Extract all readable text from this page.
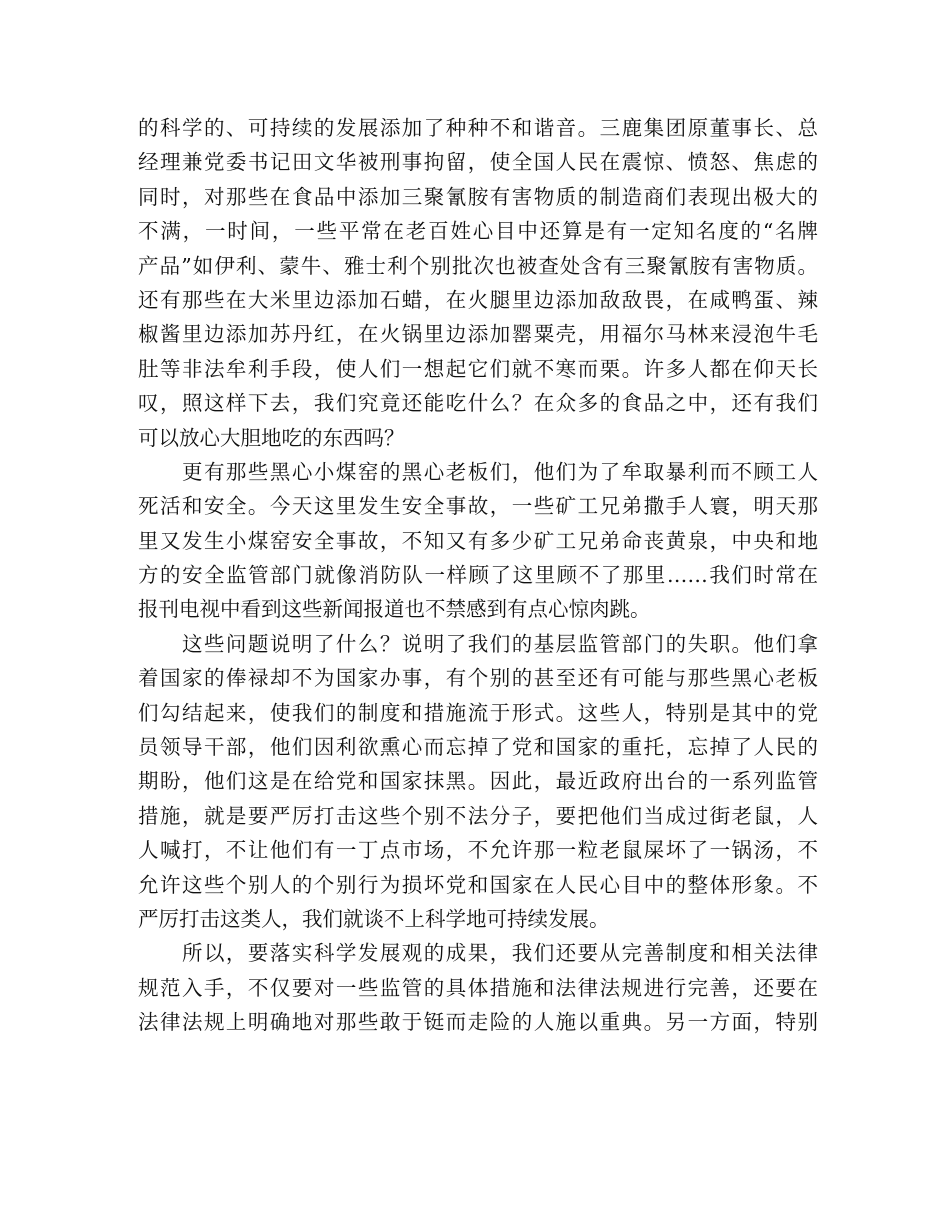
的科学的、可持续的发展添加了种种不和谐音。三鹿集团原董事长、总
经理兼党委书记田文华被刑事拘留，使全国人民在震惊、愤怒、焦虑的
同时，对那些在食品中添加三聚氰胺有害物质的制造商们表现出极大的
不满，一时间，一些平常在老百姓心目中还算是有一定知名度的“名牌
产品”如伊利、蒙牛、雅士利个别批次也被查处含有三聚氰胺有害物质。
还有那些在大米里边添加石蜡，在火腿里边添加敌敌畏，在咸鸭蛋、辣
椒酱里边添加苏丹红，在火锅里边添加罂粟壳，用福尔马林来浸泡牛毛
肚等非法牟利手段，使人们一想起它们就不寒而栗。许多人都在仰天长
叹，照这样下去，我们究竟还能吃什么？在众多的食品之中，还有我们
可以放心大胆地吃的东西吗？
　　更有那些黑心小煤窑的黑心老板们，他们为了牟取暴利而不顾工人
死活和安全。今天这里发生安全事故，一些矿工兄弟撒手人寰，明天那
里又发生小煤窑安全事故，不知又有多少矿工兄弟命丧黄泉，中央和地
方的安全监管部门就像消防队一样顾了这里顾不了那里……我们时常在
报刊电视中看到这些新闻报道也不禁感到有点心惊肉跳。
　　这些问题说明了什么？说明了我们的基层监管部门的失职。他们拿
着国家的俸禄却不为国家办事，有个别的甚至还有可能与那些黑心老板
们勾结起来，使我们的制度和措施流于形式。这些人，特别是其中的党
员领导干部，他们因利欲熏心而忘掉了党和国家的重托，忘掉了人民的
期盼，他们这是在给党和国家抹黑。因此，最近政府出台的一系列监管
措施，就是要严厉打击这些个别不法分子，要把他们当成过街老鼠，人
人喊打，不让他们有一丁点市场，不允许那一粒老鼠屎坏了一锅汤，不
允许这些个别人的个别行为损坏党和国家在人民心目中的整体形象。不
严厉打击这类人，我们就谈不上科学地可持续发展。
　　所以，要落实科学发展观的成果，我们还要从完善制度和相关法律
规范入手，不仅要对一些监管的具体措施和法律法规进行完善，还要在
法律法规上明确地对那些敢于铤而走险的人施以重典。另一方面，特别
